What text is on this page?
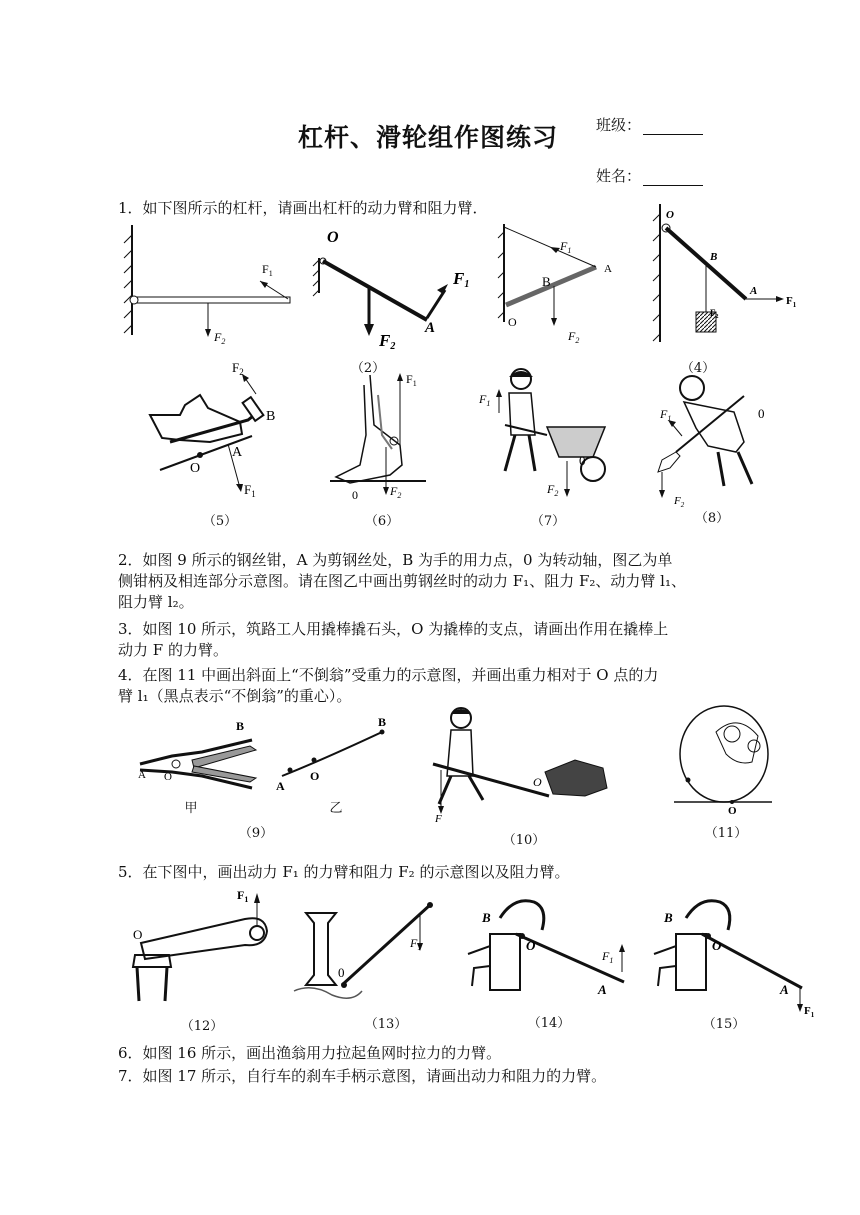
杠杆、滑轮组作图练习	班级：
姓名：
1．如下图所示的杠杆，请画出杠杆的动力臂和阻力臂．
$F_1$
$F_2$
O
F1
F2
A
（2）
$F_1$
B
A
O
$F_2$
O
B
A
$F_1$
$F_2$
（4）
$F_2$
B
A
O
$F_1$
（5）
$F_1$
0	$F_2$
（6）
$F_1$
0
$F_2$
（7）
$F_1$	0
$F_2$
（8）
2．如图 9 所示的钢丝钳，A 为剪钢丝处，B 为手的用力点，0 为转动轴，图乙为单
侧钳柄及相连部分示意图。请在图乙中画出剪钢丝时的动力 F₁、阻力 F₂、动力臂 l₁、
阻力臂 l₂。
3．如图 10 所示，筑路工人用撬棒撬石头，O 为撬棒的支点，请画出作用在撬棒上
动力 F 的力臂。
4．在图 11 中画出斜面上“不倒翁”受重力的示意图，并画出重力相对于 O 点的力
臂 l₁（黑点表示“不倒翁”的重心）。
B
A O
B
A
O
甲	乙
（9）
O
F
（10）
O
（11）
5．在下图中，画出动力 F₁ 的力臂和阻力 F₂ 的示意图以及阻力臂。
O
$F_1$
（12）
0
$F_1$
（13）
B
O
$F_1$
A
（14）
B
O
A
$F_1$
（15）
6．如图 16 所示，画出渔翁用力拉起鱼网时拉力的力臂。
7．如图 17 所示，自行车的刹车手柄示意图，请画出动力和阻力的力臂。
